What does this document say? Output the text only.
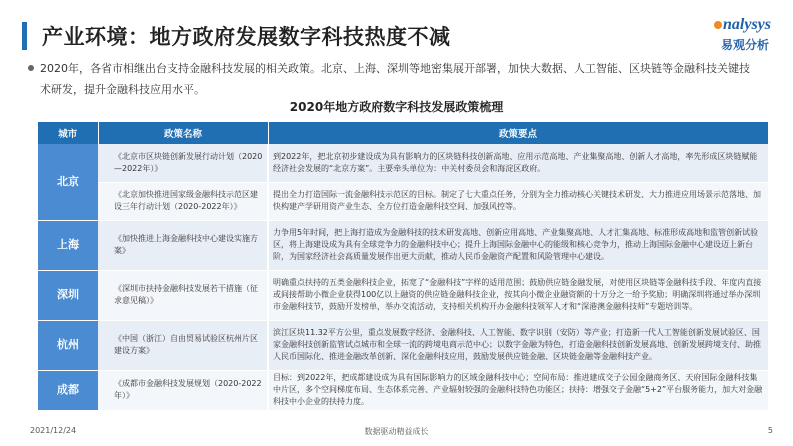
产业环境：地方政府发展数字科技热度不减
nalysys
易观分析
2020年，各省市相继出台支持金融科技发展的相关政策。北京、上海、深圳等地密集展开部署，加快大数据、人工智能、区块链等金融科技关键技术研发，提升金融科技应用水平。
2020年地方政府数字科技发展政策梳理
城市	政策名称	政策要点
北京	《北京市区块链创新发展行动计划（2020—2022年）》	到2022年，把北京初步建设成为具有影响力的区块链科技创新高地、应用示范高地、产业集聚高地、创新人才高地，率先形成区块链赋能经济社会发展的“北京方案”。主要牵头单位为：中关村委员会和海淀区政府。
	《北京加快推进国家级金融科技示范区建设三年行动计划（2020-2022年）》	提出全力打造国际一流金融科技示范区的目标。制定了七大重点任务，分别为全力推动核心关键技术研发、大力推进应用场景示范落地、加快构建产学研用资产业生态、全方位打造金融科技空间、加强风控等。
上海	《加快推进上海金融科技中心建设实施方案》	力争用5年时间，把上海打造成为金融科技的技术研发高地、创新应用高地、产业集聚高地、人才汇集高地、标准形成高地和监管创新试验区，将上海建设成为具有全球竞争力的金融科技中心；提升上海国际金融中心的能级和核心竞争力，推动上海国际金融中心建设迈上新台阶，为国家经济社会高质量发展作出更大贡献，推动人民币金融资产配置和风险管理中心建设。
深圳	《深圳市扶持金融科技发展若干措施（征求意见稿）》	明确重点扶持的五类金融科技企业，拓宽了“金融科技”字样的适用范围；鼓励供应链金融发展，对使用区块链等金融科技手段、年度内直接或间接帮助小微企业获得100亿以上融资的供应链金融科技企业，按其向小微企业融资额的十万分之一给予奖励；明确深圳将通过举办深圳市金融科技节，鼓励开发榜单，举办交流活动，支持相关机构开办金融科技领军人才和“深港澳金融科技师”专题培训等。
杭州	《中国（浙江）自由贸易试验区杭州片区建设方案》	滨江区块11.32平方公里，重点发展数字经济、金融科技、人工智能、数字识别（安防）等产业；打造新一代人工智能创新发展试验区、国家金融科技创新监管试点城市和全球一流的跨境电商示范中心；以数字金融为特色，打造金融科技创新发展高地、创新发展跨境支付、助推人民币国际化、推进金融改革创新、深化金融科技应用，鼓励发展供应链金融、区块链金融等金融科技产业。
成都	《成都市金融科技发展规划（2020-2022年）》	目标：到2022年，把成都建设成为具有国际影响力的区域金融科技中心；空间布局：推进建成交子公园金融商务区、天府国际金融科技集中片区，多个空间梯度布局、生态体系完善、产业辐射较强的金融科技特色功能区；扶持：增强交子金融“5+2”平台服务能力，加大对金融科技中小企业的扶持力度。
2021/12/24	数据驱动精益成长	5
